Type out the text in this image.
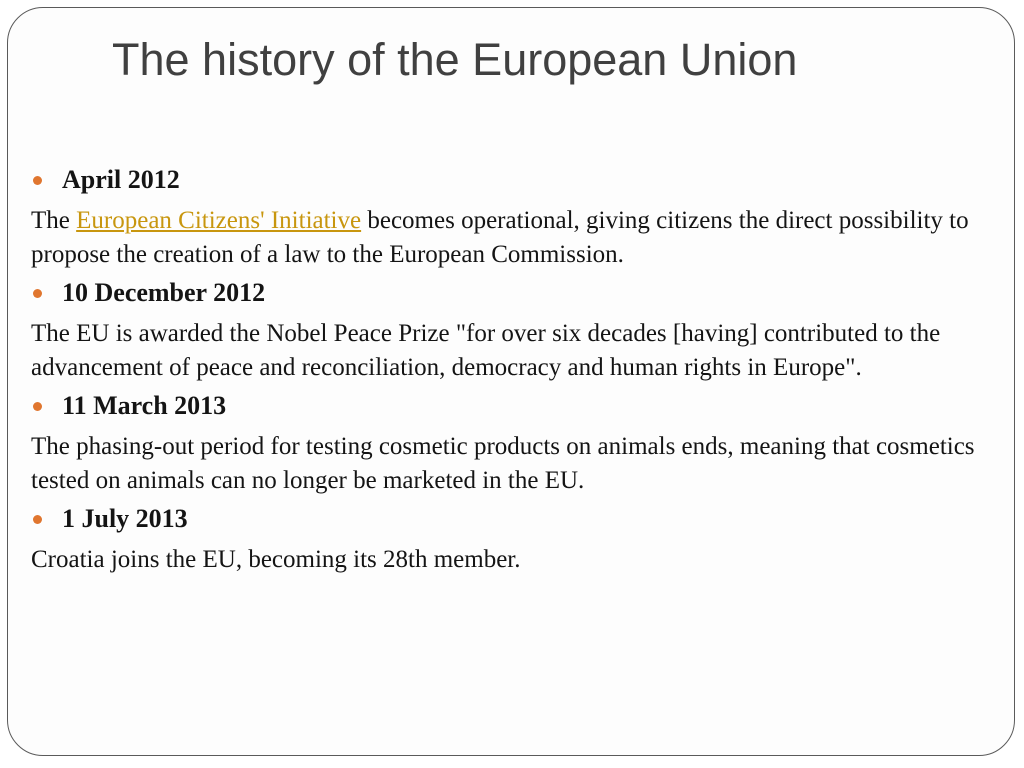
The history of the European Union
April 2012
The European Citizens' Initiative becomes operational, giving citizens the direct possibility to propose the creation of a law to the European Commission.
10 December 2012
The EU is awarded the Nobel Peace Prize "for over six decades [having] contributed to the advancement of peace and reconciliation, democracy and human rights in Europe".
11 March 2013
The phasing-out period for testing cosmetic products on animals ends, meaning that cosmetics tested on animals can no longer be marketed in the EU.
1 July 2013
Croatia joins the EU, becoming its 28th member.
